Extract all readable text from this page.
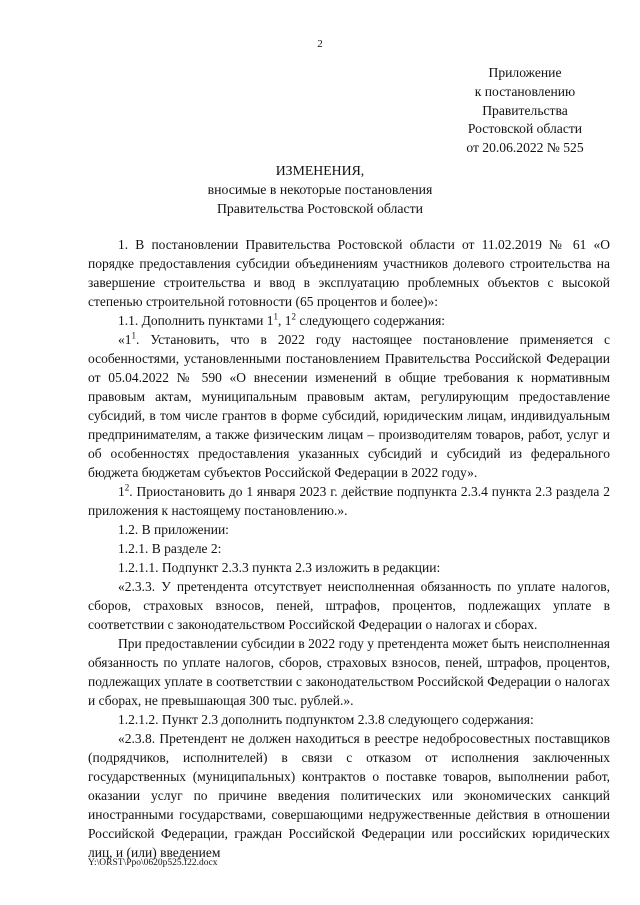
2
Приложение
к постановлению
Правительства
Ростовской области
от 20.06.2022 № 525
ИЗМЕНЕНИЯ,
вносимые в некоторые постановления
Правительства Ростовской области

1. В постановлении Правительства Ростовской области от 11.02.2019 № 61 «О порядке предоставления субсидии объединениям участников долевого строительства на завершение строительства и ввод в эксплуатацию проблемных объектов с высокой степенью строительной готовности (65 процентов и более)»:

1.1. Дополнить пунктами $1^1$, $1^2$ следующего содержания:

«$1^1$. Установить, что в 2022 году настоящее постановление применяется с особенностями, установленными постановлением Правительства Российской Федерации от 05.04.2022 № 590 «О внесении изменений в общие требования к нормативным правовым актам, муниципальным правовым актам, регулирующим предоставление субсидий, в том числе грантов в форме субсидий, юридическим лицам, индивидуальным предпринимателям, а также физическим лицам – производителям товаров, работ, услуг и об особенностях предоставления указанных субсидий и субсидий из федерального бюджета бюджетам субъектов Российской Федерации в 2022 году».

$1^2$. Приостановить до 1 января 2023 г. действие подпункта 2.3.4 пункта 2.3 раздела 2 приложения к настоящему постановлению.».

1.2. В приложении:

1.2.1. В разделе 2:

1.2.1.1. Подпункт 2.3.3 пункта 2.3 изложить в редакции:

«2.3.3. У претендента отсутствует неисполненная обязанность по уплате налогов, сборов, страховых взносов, пеней, штрафов, процентов, подлежащих уплате в соответствии с законодательством Российской Федерации о налогах и сборах.

При предоставлении субсидии в 2022 году у претендента может быть неисполненная обязанность по уплате налогов, сборов, страховых взносов, пеней, штрафов, процентов, подлежащих уплате в соответствии с законодательством Российской Федерации о налогах и сборах, не превышающая 300 тыс. рублей.».

1.2.1.2. Пункт 2.3 дополнить подпунктом 2.3.8 следующего содержания:

«2.3.8. Претендент не должен находиться в реестре недобросовестных поставщиков (подрядчиков, исполнителей) в связи с отказом от исполнения заключенных государственных (муниципальных) контрактов о поставке товаров, выполнении работ, оказании услуг по причине введения политических или экономических санкций иностранными государствами, совершающими недружественные действия в отношении Российской Федерации, граждан Российской Федерации или российских юридических лиц, и (или) введением

Y:\ORST\Ppo\0620p525.f22.docx
